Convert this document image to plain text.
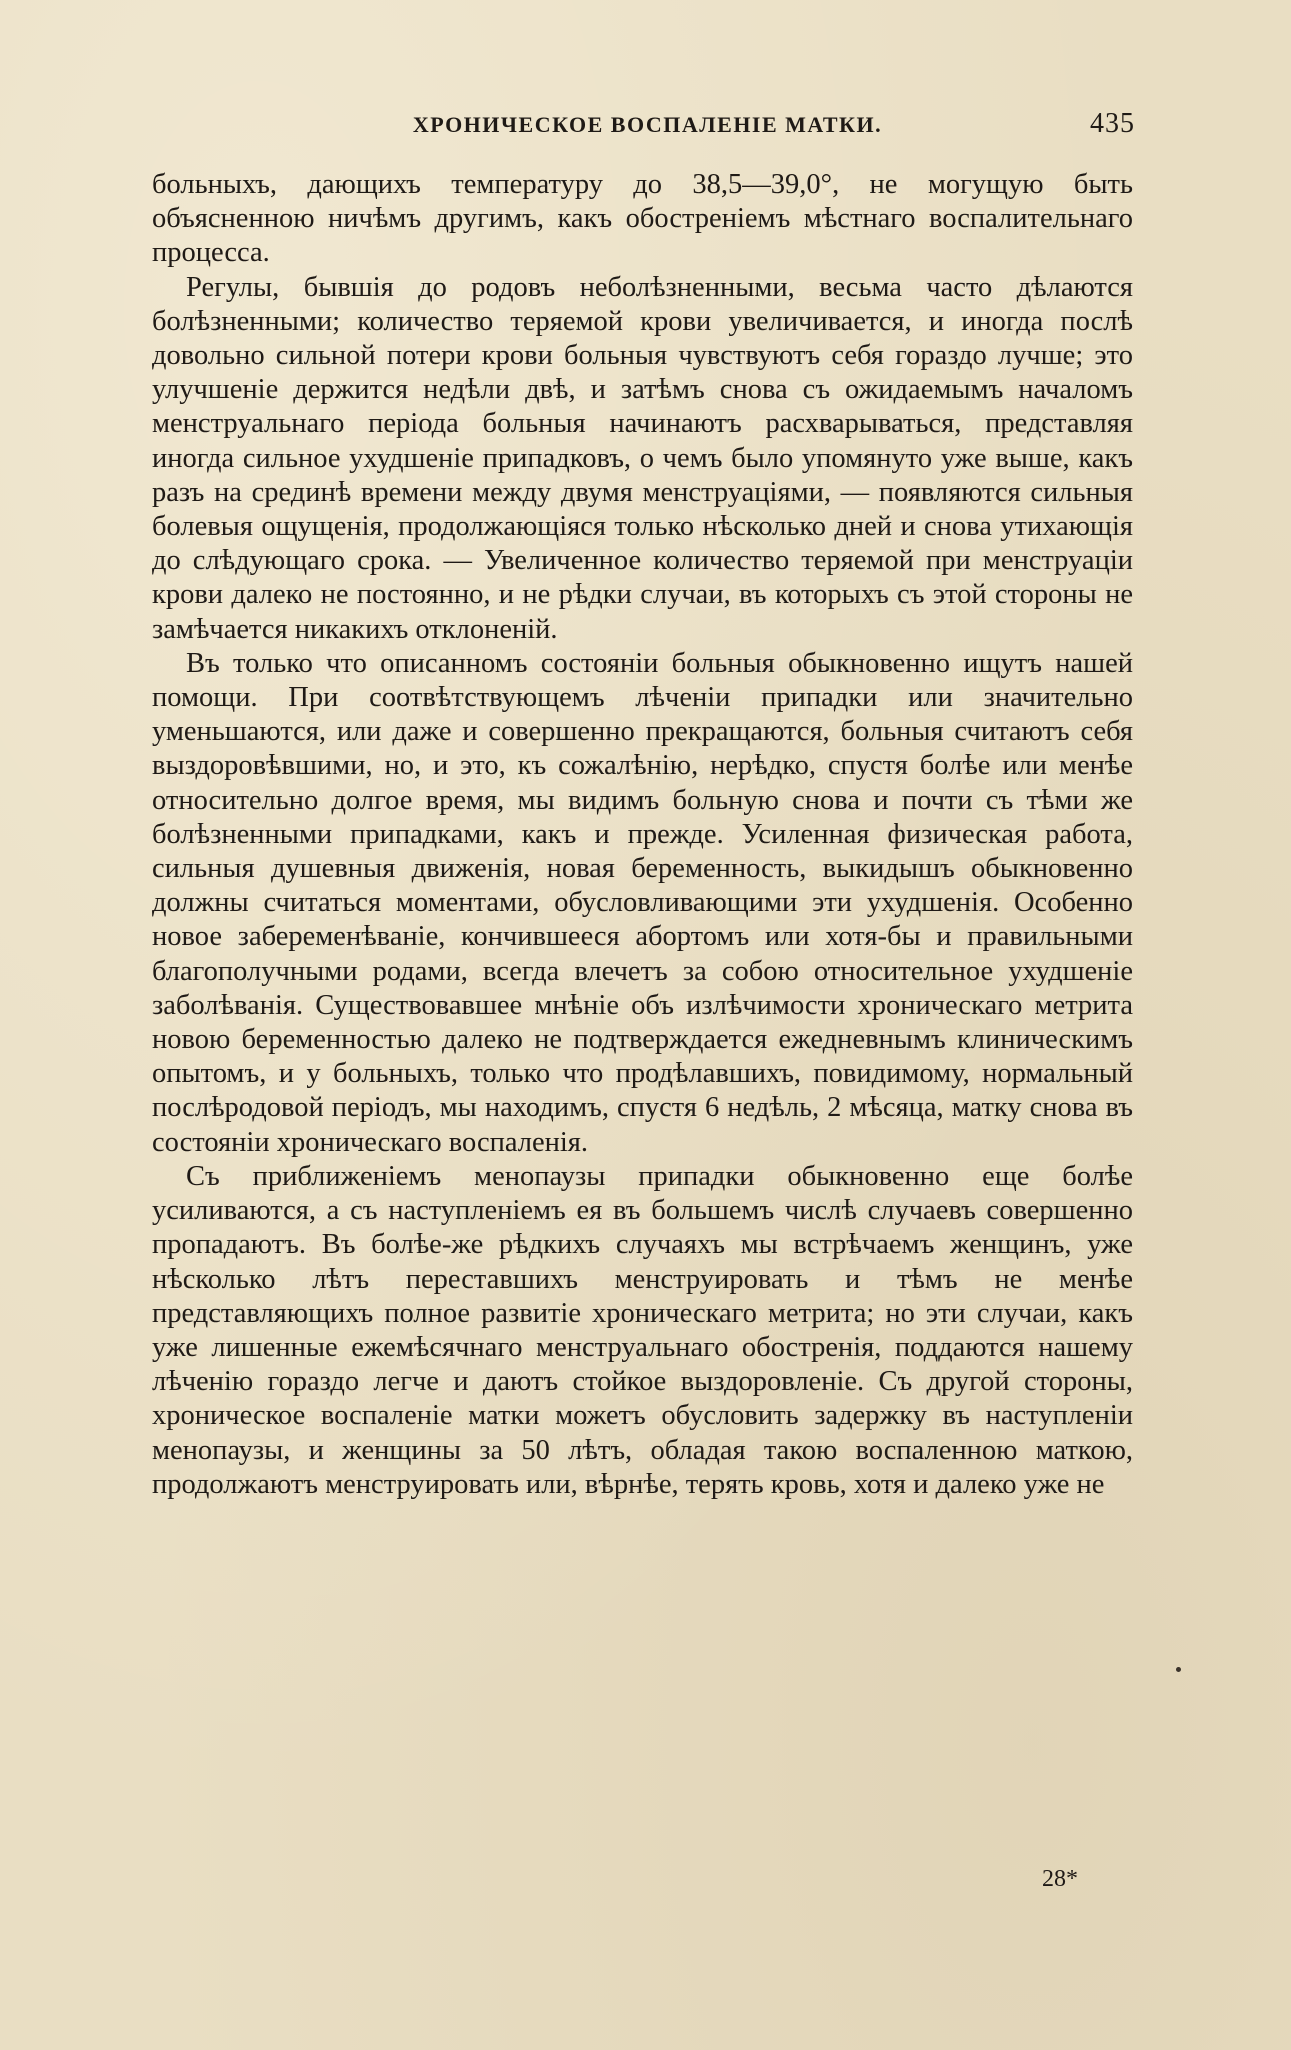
ХРОНИЧЕСКОЕ ВОСПАЛЕНІЕ МАТКИ.	435

больныхъ, дающихъ температуру до 38,5—39,0°, не могущую быть объясненною ничѣмъ другимъ, какъ обостреніемъ мѣстнаго воспалительнаго процесса.

Регулы, бывшія до родовъ неболѣзненными, весьма часто дѣлаются болѣзненными; количество теряемой крови увеличивается, и иногда послѣ довольно сильной потери крови больныя чувствуютъ себя гораздо лучше; это улучшеніе держится недѣли двѣ, и затѣмъ снова съ ожидаемымъ началомъ менструальнаго періода больныя начинаютъ расхварываться, представляя иногда сильное ухудшеніе припадковъ, о чемъ было упомянуто уже выше, какъ разъ на срединѣ времени между двумя менструаціями, — появляются сильныя болевыя ощущенія, продолжающіяся только нѣсколько дней и снова утихающія до слѣдующаго срока. — Увеличенное количество теряемой при менструаціи крови далеко не постоянно, и не рѣдки случаи, въ которыхъ съ этой стороны не замѣчается никакихъ отклоненій.

Въ только что описанномъ состояніи больныя обыкновенно ищутъ нашей помощи. При соотвѣтствующемъ лѣченіи припадки или значительно уменьшаются, или даже и совершенно прекращаются, больныя считаютъ себя выздоровѣвшими, но, и это, къ сожалѣнію, нерѣдко, спустя болѣе или менѣе относительно долгое время, мы видимъ больную снова и почти съ тѣми же болѣзненными припадками, какъ и прежде. Усиленная физическая работа, сильныя душевныя движенія, новая беременность, выкидышъ обыкновенно должны считаться моментами, обусловливающими эти ухудшенія. Особенно новое забеременѣваніе, кончившееся абортомъ или хотя-бы и правильными благополучными родами, всегда влечетъ за собою относительное ухудшеніе заболѣванія. Существовавшее мнѣніе объ излѣчимости хроническаго метрита новою беременностью далеко не подтверждается ежедневнымъ клиническимъ опытомъ, и у больныхъ, только что продѣлавшихъ, повидимому, нормальный послѣродовой періодъ, мы находимъ, спустя 6 недѣль, 2 мѣсяца, матку снова въ состояніи хроническаго воспаленія.

Съ приближеніемъ менопаузы припадки обыкновенно еще болѣе усиливаются, а съ наступленіемъ ея въ большемъ числѣ случаевъ совершенно пропадаютъ. Въ болѣе-же рѣдкихъ случаяхъ мы встрѣчаемъ женщинъ, уже нѣсколько лѣтъ переставшихъ менструировать и тѣмъ не менѣе представляющихъ полное развитіе хроническаго метрита; но эти случаи, какъ уже лишенные ежемѣсячнаго менструальнаго обостренія, поддаются нашему лѣченію гораздо легче и даютъ стойкое выздоровленіе. Съ другой стороны, хроническое воспаленіе матки можетъ обусловить задержку въ наступленіи менопаузы, и женщины за 50 лѣтъ, обладая такою воспаленною маткою, продолжаютъ менструировать или, вѣрнѣе, терять кровь, хотя и далеко уже не

28*
